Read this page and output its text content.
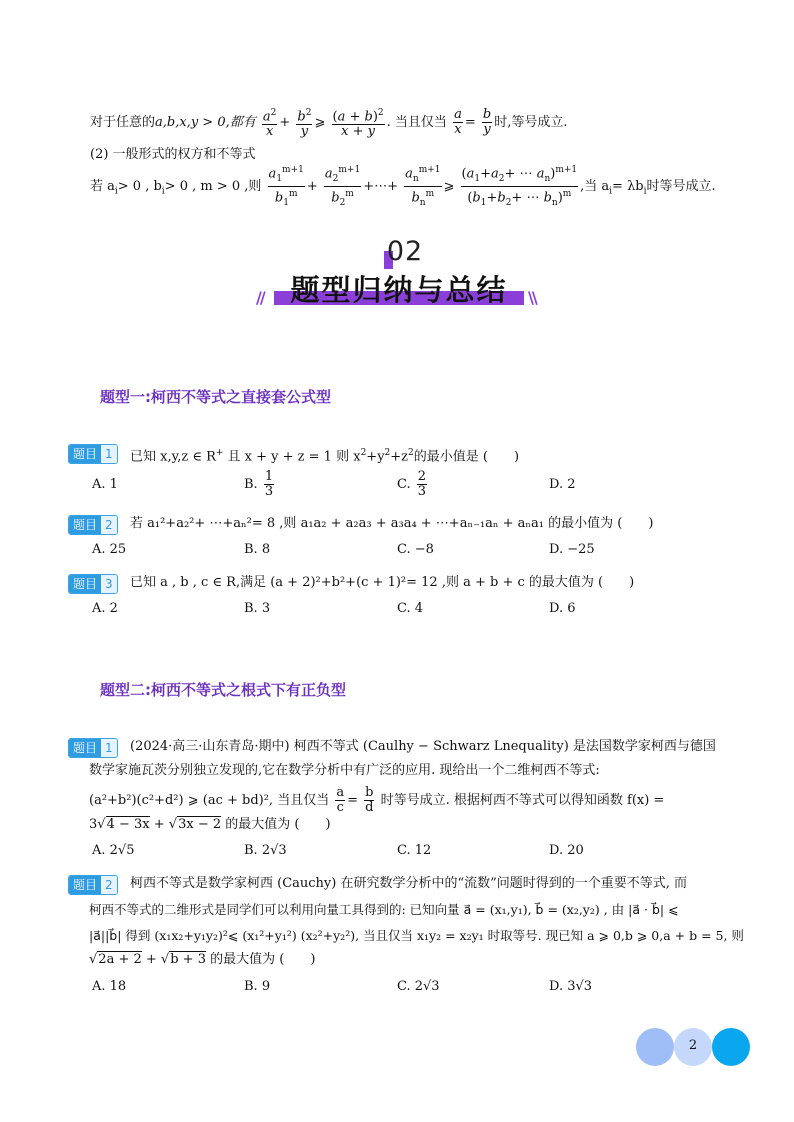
对于任意的a,b,x,y > 0,都有 $\frac{a^2}{x} + \frac{b^2}{y}$ ⩾ $\frac{(a + b)^2}{x + y}$ . 当且仅当 $\frac{a}{x} = \frac{b}{y}$ 时,等号成立.
(2) 一般形式的权方和不等式
若 $a_i> 0$ , $b_i> 0$ , m > 0 ,则 $\frac{a_1^{m+1}}{b_1^m} + \frac{a_2^{m+1}}{b_2^m}$ +⋯+ $\frac{a_n^{m+1}}{b_n^m}$ ⩾ $\frac{(a_1+a_2+ \cdots a_n)^{m+1}}{(b_1+b_2+ \cdots b_n)^m}$ ,当 $a_i= \lambda b_i$时等号成立.
02
//	\\
题型归纳与总结
题型一:柯西不等式之直接套公式型
题目 1	已知 x,y,z ∈ R+ 且 x + y + z = 1 则 $x^2+y^2+z^2$的最小值是 (　　)
A. 1	B. $\frac{1}{3}$	C. $\frac{2}{3}$	D. 2
题目 2	若 a₁²+a₂²+ ⋯+aₙ²= 8 ,则 a₁a₂ + a₂a₃ + a₃a₄ + ⋯+aₙ₋₁aₙ + aₙa₁ 的最小值为 (　　)
A. 25	B. 8	C. −8	D. −25
题目 3	已知 a , b , c ∈ R,满足 (a + 2)²+b²+(c + 1)²= 12 ,则 a + b + c 的最大值为 (　　)
A. 2	B. 3	C. 4	D. 6
题型二:柯西不等式之根式下有正负型
题目 1	(2024·高三·山东青岛·期中) 柯西不等式 (Caulhy − Schwarz Lnequality) 是法国数学家柯西与德国
数学家施瓦茨分别独立发现的,它在数学分析中有广泛的应用. 现给出一个二维柯西不等式:
(a²+b²)(c²+d²) ⩾ (ac + bd)², 当且仅当 $\frac{a}{c} = \frac{b}{d}$ 时等号成立. 根据柯西不等式可以得知函数 f(x) =
3√4 − 3x + √3x − 2 的最大值为 (　　)
A. 2√5	B. 2√3	C. 12	D. 20
题目 2	柯西不等式是数学家柯西 (Cauchy) 在研究数学分析中的“流数”问题时得到的一个重要不等式, 而
柯西不等式的二维形式是同学们可以利用向量工具得到的: 已知向量 a⃗ = (x₁,y₁), b⃗ = (x₂,y₂) , 由 |a⃗ · b⃗| ⩽
|a⃗||b⃗| 得到 (x₁x₂+y₁y₂)²⩽ (x₁²+y₁²) (x₂²+y₂²), 当且仅当 x₁y₂ = x₂y₁ 时取等号. 现已知 a ⩾ 0,b ⩾ 0,a + b = 5, 则
√2a + 2 + √b + 3 的最大值为 (　　)
A. 18	B. 9	C. 2√3	D. 3√3
2
